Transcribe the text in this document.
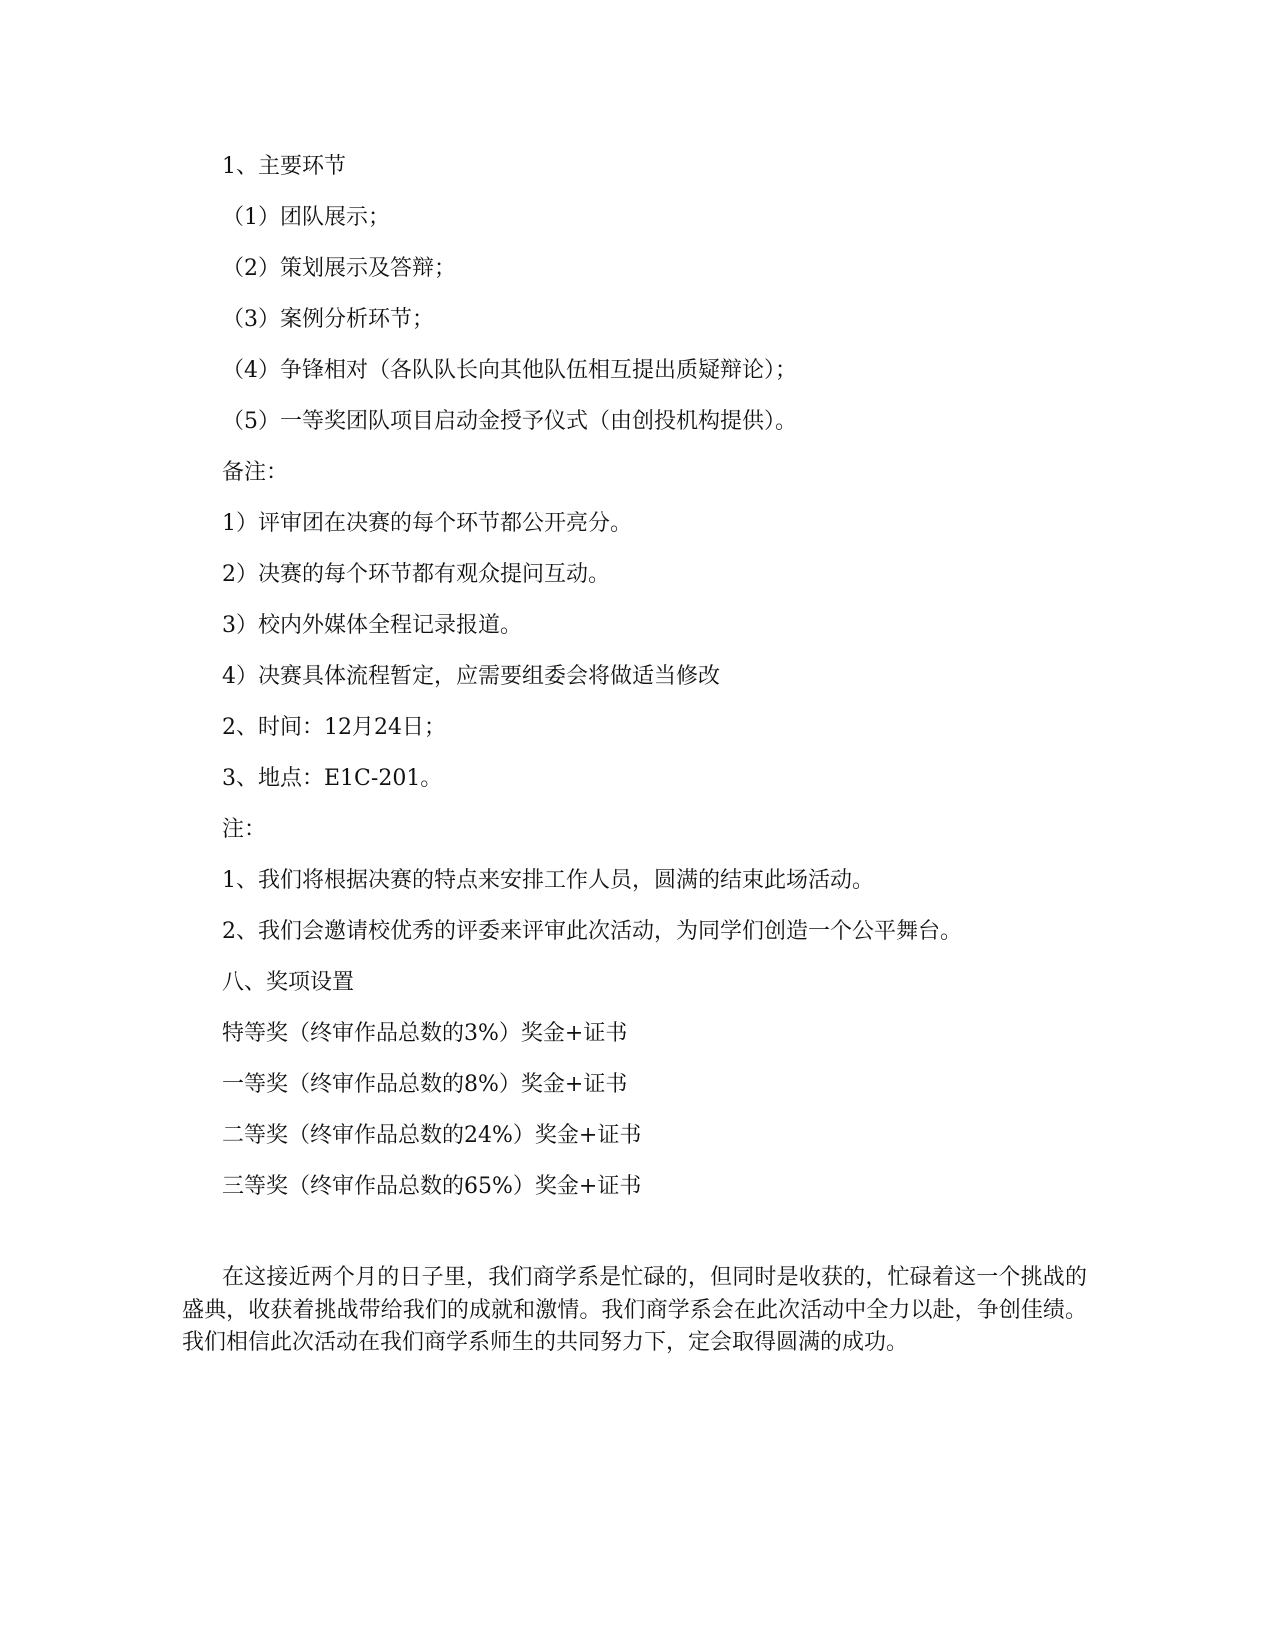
1、主要环节
（1）团队展示；
（2）策划展示及答辩；
（3）案例分析环节；
（4）争锋相对（各队队长向其他队伍相互提出质疑辩论）；
（5）一等奖团队项目启动金授予仪式（由创投机构提供）。
备注：
1）评审团在决赛的每个环节都公开亮分。
2）决赛的每个环节都有观众提问互动。
3）校内外媒体全程记录报道。
4）决赛具体流程暂定，应需要组委会将做适当修改
2、时间：12月24日；
3、地点：E1C-201。
注：
1、我们将根据决赛的特点来安排工作人员，圆满的结束此场活动。
2、我们会邀请校优秀的评委来评审此次活动，为同学们创造一个公平舞台。
八、奖项设置
特等奖（终审作品总数的3%）奖金+证书
一等奖（终审作品总数的8%）奖金+证书
二等奖（终审作品总数的24%）奖金+证书
三等奖（终审作品总数的65%）奖金+证书
在这接近两个月的日子里，我们商学系是忙碌的，但同时是收获的，忙碌着这一个挑战的盛典，收获着挑战带给我们的成就和激情。我们商学系会在此次活动中全力以赴，争创佳绩。我们相信此次活动在我们商学系师生的共同努力下，定会取得圆满的成功。
